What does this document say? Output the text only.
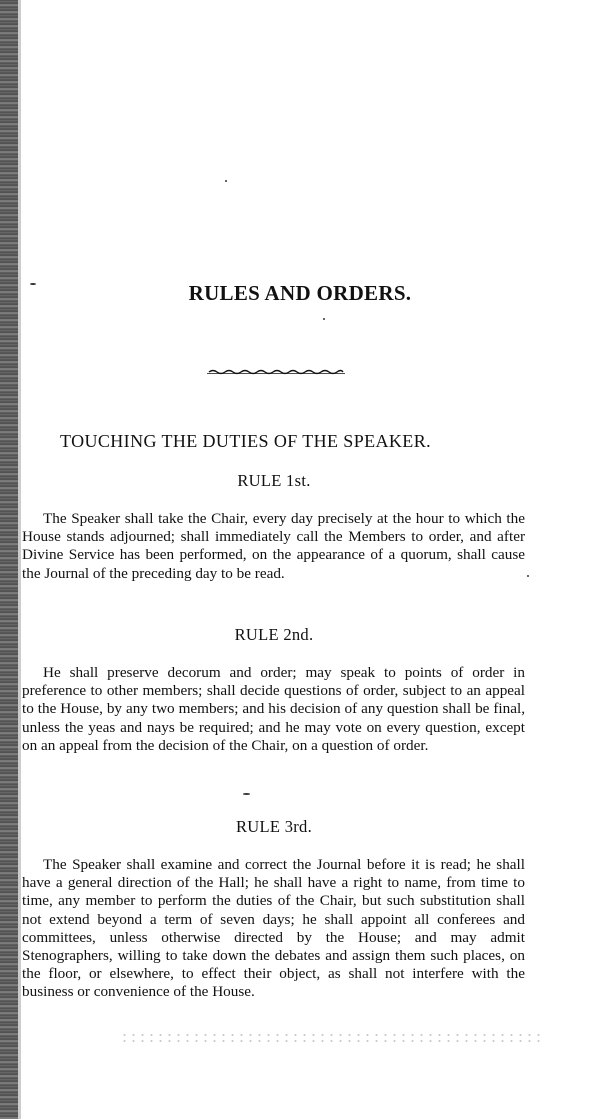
RULES AND ORDERS.
TOUCHING THE DUTIES OF THE SPEAKER.
RULE 1st.

The Speaker shall take the Chair, every day precisely at the hour to which the House stands adjourned; shall immediately call the Members to order, and after Divine Service has been performed, on the appearance of a quorum, shall cause the Journal of the preceding day to be read.

RULE 2nd.

He shall preserve decorum and order; may speak to points of order in preference to other members; shall decide questions of order, subject to an appeal to the House, by any two members; and his decision of any question shall be final, unless the yeas and nays be required; and he may vote on every question, except on an appeal from the decision of the Chair, on a question of order.

RULE 3rd.

The Speaker shall examine and correct the Journal before it is read; he shall have a general direction of the Hall; he shall have a right to name, from time to time, any member to perform the duties of the Chair, but such substitution shall not extend beyond a term of seven days; he shall appoint all conferees and committees, unless otherwise directed by the House; and may admit Stenographers, willing to take down the debates and assign them such places, on the floor, or elsewhere, to effect their object, as shall not interfere with the business or convenience of the House.
